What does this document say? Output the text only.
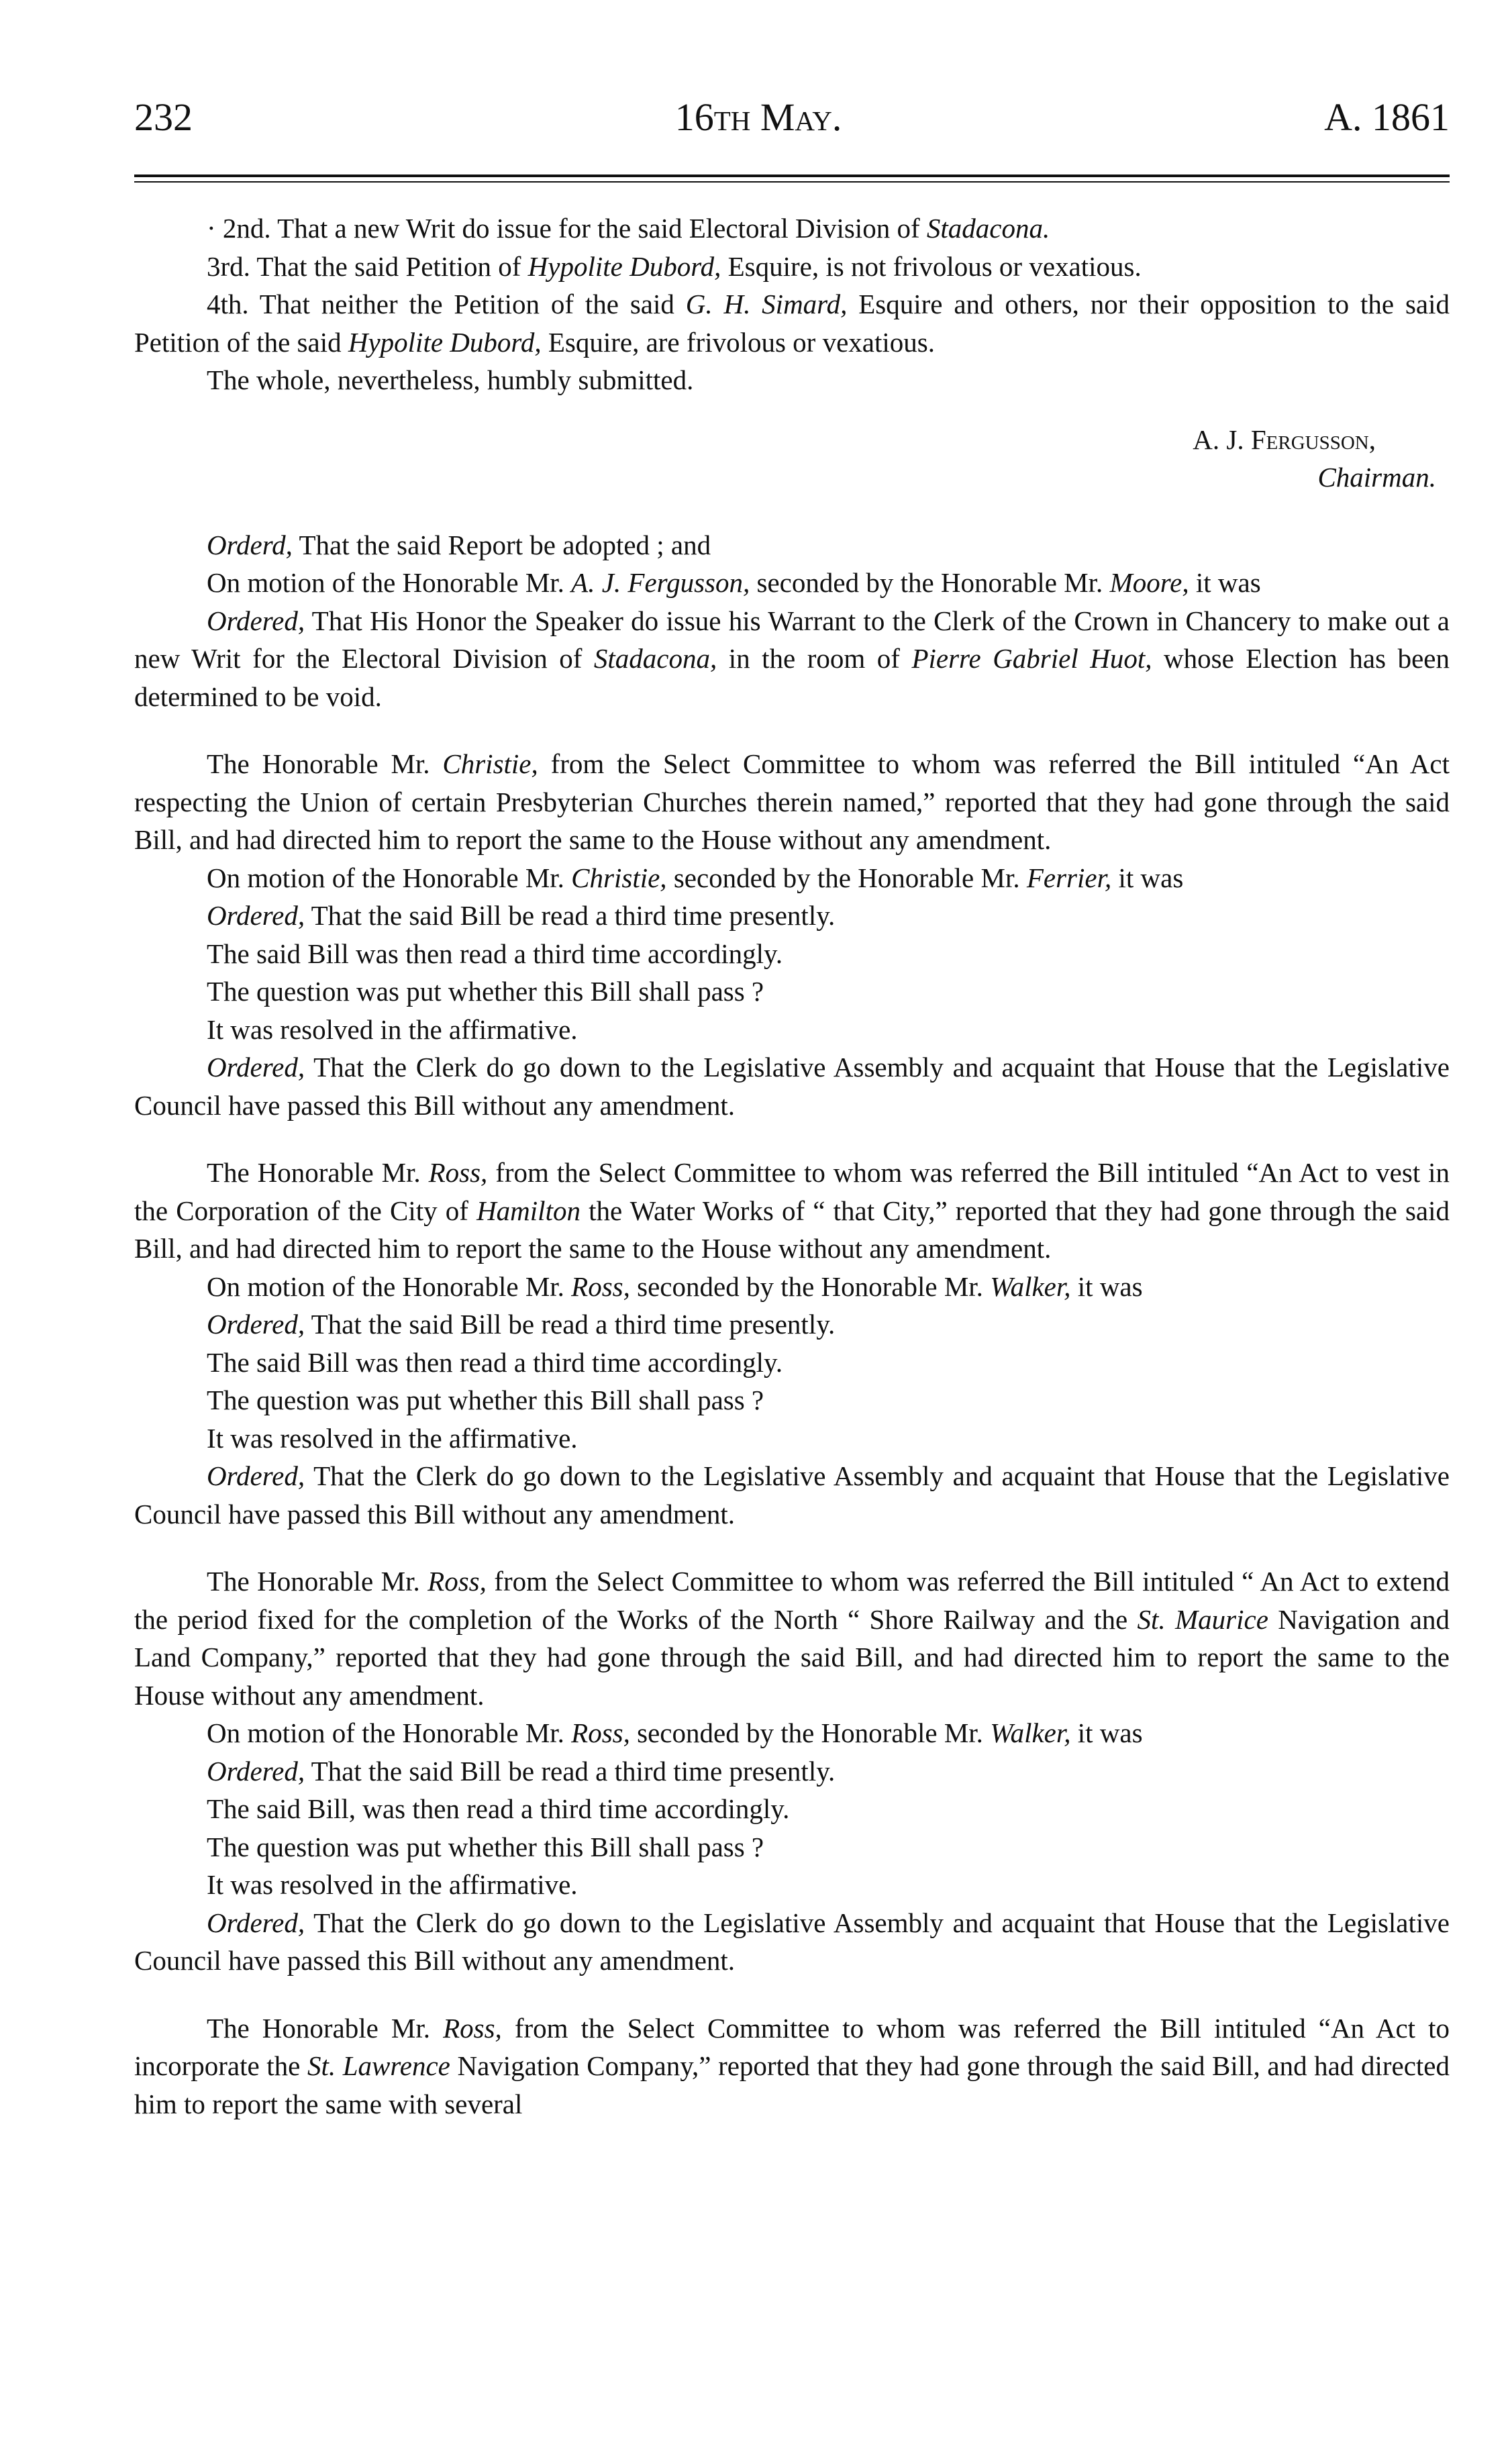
232	16th May.	A. 1861

· 2nd. That a new Writ do issue for the said Electoral Division of Stadacona.

3rd. That the said Petition of Hypolite Dubord, Esquire, is not frivolous or vexatious.

4th. That neither the Petition of the said G. H. Simard, Esquire and others, nor their opposition to the said Petition of the said Hypolite Dubord, Esquire, are frivolous or vexatious.

The whole, nevertheless, humbly submitted.

A. J. Fergusson,
Chairman.

Orderd, That the said Report be adopted ; and

On motion of the Honorable Mr. A. J. Fergusson, seconded by the Honorable Mr. Moore, it was

Ordered, That His Honor the Speaker do issue his Warrant to the Clerk of the Crown in Chancery to make out a new Writ for the Electoral Division of Stadacona, in the room of Pierre Gabriel Huot, whose Election has been determined to be void.

The Honorable Mr. Christie, from the Select Committee to whom was referred the Bill intituled “An Act respecting the Union of certain Presbyterian Churches therein named,” reported that they had gone through the said Bill, and had directed him to report the same to the House without any amendment.

On motion of the Honorable Mr. Christie, seconded by the Honorable Mr. Ferrier, it was

Ordered, That the said Bill be read a third time presently.

The said Bill was then read a third time accordingly.

The question was put whether this Bill shall pass ?

It was resolved in the affirmative.

Ordered, That the Clerk do go down to the Legislative Assembly and acquaint that House that the Legislative Council have passed this Bill without any amendment.

The Honorable Mr. Ross, from the Select Committee to whom was referred the Bill intituled “An Act to vest in the Corporation of the City of Hamilton the Water Works of “ that City,” reported that they had gone through the said Bill, and had directed him to report the same to the House without any amendment.

On motion of the Honorable Mr. Ross, seconded by the Honorable Mr. Walker, it was

Ordered, That the said Bill be read a third time presently.

The said Bill was then read a third time accordingly.

The question was put whether this Bill shall pass ?

It was resolved in the affirmative.

Ordered, That the Clerk do go down to the Legislative Assembly and acquaint that House that the Legislative Council have passed this Bill without any amendment.

The Honorable Mr. Ross, from the Select Committee to whom was referred the Bill intituled “ An Act to extend the period fixed for the completion of the Works of the North “ Shore Railway and the St. Maurice Navigation and Land Company,” reported that they had gone through the said Bill, and had directed him to report the same to the House without any amendment.

On motion of the Honorable Mr. Ross, seconded by the Honorable Mr. Walker, it was

Ordered, That the said Bill be read a third time presently.

The said Bill, was then read a third time accordingly.

The question was put whether this Bill shall pass ?

It was resolved in the affirmative.

Ordered, That the Clerk do go down to the Legislative Assembly and acquaint that House that the Legislative Council have passed this Bill without any amendment.

The Honorable Mr. Ross, from the Select Committee to whom was referred the Bill intituled “An Act to incorporate the St. Lawrence Navigation Company,” reported that they had gone through the said Bill, and had directed him to report the same with several
